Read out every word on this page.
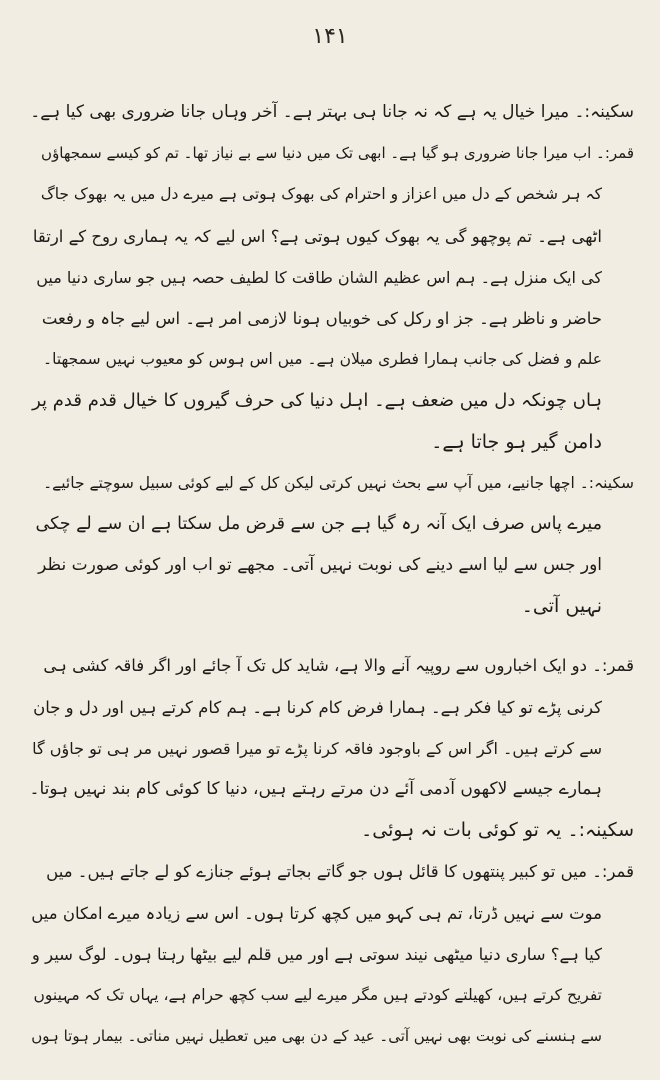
۱۴۱
سکینہ:۔ میرا خیال یہ ہے کہ نہ جانا ہی بہتر ہے۔ آخر وہاں جانا ضروری بھی کیا ہے۔
قمر:۔ اب میرا جانا ضروری ہو گیا ہے۔ ابھی تک میں دنیا سے بے نیاز تھا۔ تم کو کیسے سمجھاؤں
کہ ہر شخص کے دل میں اعزاز و احترام کی بھوک ہوتی ہے میرے دل میں یہ بھوک جاگ
اٹھی ہے۔ تم پوچھو گی یہ بھوک کیوں ہوتی ہے؟ اس لیے کہ یہ ہماری روح کے ارتقا
کی ایک منزل ہے۔ ہم اس عظیم الشان طاقت کا لطیف حصہ ہیں جو ساری دنیا میں
حاضر و ناظر ہے۔ جز او رکل کی خوبیاں ہونا لازمی امر ہے۔ اس لیے جاہ و رفعت
علم و فضل کی جانب ہمارا فطری میلان ہے۔ میں اس ہوس کو معیوب نہیں سمجھتا۔
ہاں چونکہ دل میں ضعف ہے۔ اہل دنیا کی حرف گیروں کا خیال قدم قدم پر
دامن گیر ہو جاتا ہے۔
سکینہ:۔ اچھا جانیے، میں آپ سے بحث نہیں کرتی لیکن کل کے لیے کوئی سبیل سوچتے جائیے۔
میرے پاس صرف ایک آنہ رہ گیا ہے جن سے قرض مل سکتا ہے ان سے لے چکی
اور جس سے لیا اسے دینے کی نوبت نہیں آتی۔ مجھے تو اب اور کوئی صورت نظر
نہیں آتی۔
قمر:۔ دو ایک اخباروں سے روپیہ آنے والا ہے، شاید کل تک آ جائے اور اگر فاقہ کشی ہی
کرنی پڑے تو کیا فکر ہے۔ ہمارا فرض کام کرنا ہے۔ ہم کام کرتے ہیں اور دل و جان
سے کرتے ہیں۔ اگر اس کے باوجود فاقہ کرنا پڑے تو میرا قصور نہیں مر ہی تو جاؤں گا
ہمارے جیسے لاکھوں آدمی آئے دن مرتے رہتے ہیں، دنیا کا کوئی کام بند نہیں ہوتا۔
سکینہ:۔ یہ تو کوئی بات نہ ہوئی۔
قمر:۔ میں تو کبیر پنتھوں کا قائل ہوں جو گاتے بجاتے ہوئے جنازے کو لے جاتے ہیں۔ میں
موت سے نہیں ڈرتا، تم ہی کہو میں کچھ کرتا ہوں۔ اس سے زیادہ میرے امکان میں
کیا ہے؟ ساری دنیا میٹھی نیند سوتی ہے اور میں قلم لیے بیٹھا رہتا ہوں۔ لوگ سیر و
تفریح کرتے ہیں، کھیلتے کودتے ہیں مگر میرے لیے سب کچھ حرام ہے، یہاں تک کہ مہینوں
سے ہنسنے کی نوبت بھی نہیں آتی۔ عید کے دن بھی میں تعطیل نہیں مناتی۔ بیمار ہوتا ہوں
